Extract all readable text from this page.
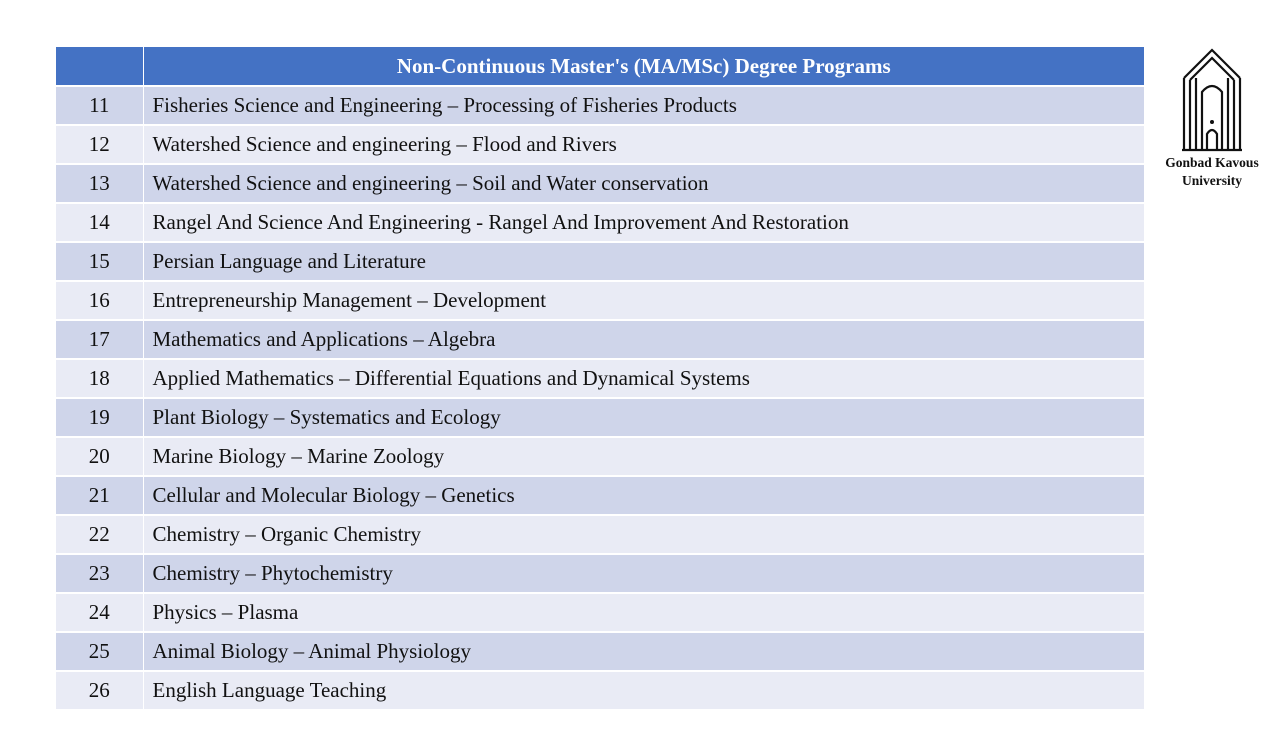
	Non-Continuous Master's (MA/MSc) Degree Programs
11	Fisheries Science and Engineering – Processing of Fisheries Products
12	Watershed Science and engineering – Flood and Rivers
13	Watershed Science and engineering – Soil and Water conservation
14	Rangel And Science And Engineering - Rangel And Improvement And Restoration
15	Persian Language and Literature
16	Entrepreneurship Management – Development
17	Mathematics and Applications – Algebra
18	Applied Mathematics – Differential Equations and Dynamical Systems
19	Plant Biology – Systematics and Ecology
20	Marine Biology – Marine Zoology
21	Cellular and Molecular Biology – Genetics
22	Chemistry – Organic Chemistry
23	Chemistry – Phytochemistry
24	Physics – Plasma
25	Animal Biology – Animal Physiology
26	English Language Teaching
Gonbad Kavous
University
